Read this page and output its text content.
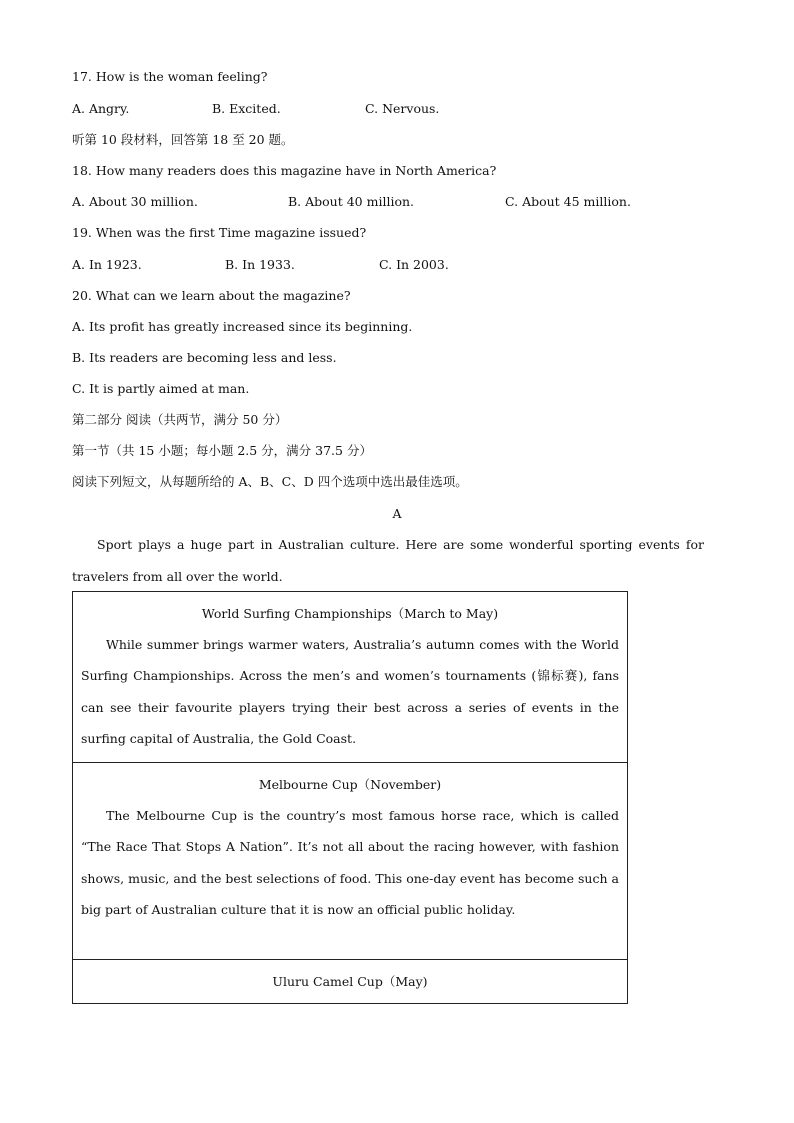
17. How is the woman feeling?
A. Angry.	B. Excited.	C. Nervous.
听第 10 段材料，回答第 18 至 20 题。
18. How many readers does this magazine have in North America?
A. About 30 million.	B. About 40 million.	C. About 45 million.
19. When was the first Time magazine issued?
A. In 1923.	B. In 1933.	C. In 2003.
20. What can we learn about the magazine?
A. Its profit has greatly increased since its beginning.
B. Its readers are becoming less and less.
C. It is partly aimed at man.
第二部分 阅读（共两节，满分 50 分）
第一节（共 15 小题；每小题 2.5 分，满分 37.5 分）
阅读下列短文，从每题所给的 A、B、C、D 四个选项中选出最佳选项。
A
Sport plays a huge part in Australian culture. Here are some wonderful sporting events for travelers from all over the world.
World Surfing Championships（March to May)
While summer brings warmer waters, Australia’s autumn comes with the World Surfing Championships. Across the men’s and women’s tournaments (锦标赛), fans can see their favourite players trying their best across a series of events in the surfing capital of Australia, the Gold Coast.

Melbourne Cup（November)
The Melbourne Cup is the country’s most famous horse race, which is called “The Race That Stops A Nation”. It’s not all about the racing however, with fashion shows, music, and the best selections of food. This one-day event has become such a big part of Australian culture that it is now an official public holiday.

Uluru Camel Cup（May)
